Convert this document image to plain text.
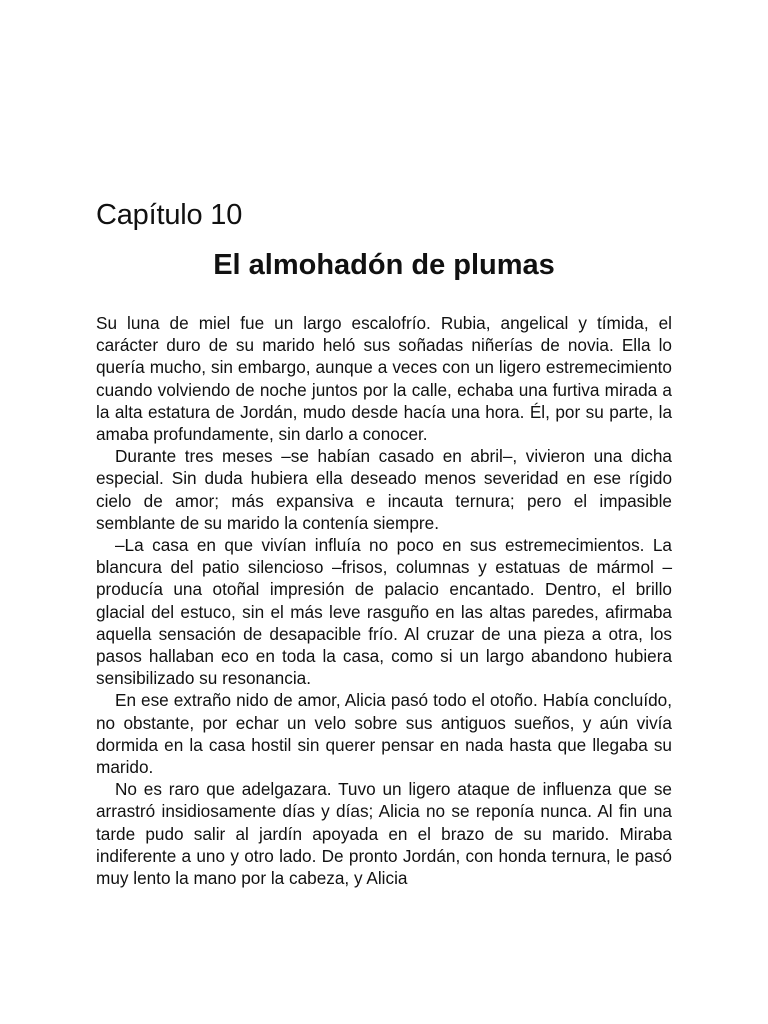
Capítulo 10
El almohadón de plumas

Su luna de miel fue un largo escalofrío. Rubia, angelical y tímida, el carácter duro de su marido heló sus soñadas niñerías de novia. Ella lo quería mucho, sin embargo, aunque a veces con un ligero estremecimiento cuando volviendo de noche juntos por la calle, echaba una furtiva mirada a la alta estatura de Jordán, mudo desde hacía una hora. Él, por su parte, la amaba profundamente, sin darlo a conocer.

Durante tres meses –se habían casado en abril–, vivieron una dicha especial. Sin duda hubiera ella deseado menos severidad en ese rígido cielo de amor; más expansiva e incauta ternura; pero el impasible semblante de su marido la contenía siempre.

–La casa en que vivían influía no poco en sus estremecimientos. La blancura del patio silencioso –frisos, columnas y estatuas de mármol –producía una otoñal impresión de palacio encantado. Dentro, el brillo glacial del estuco, sin el más leve rasguño en las altas paredes, afirmaba aquella sensación de desapacible frío. Al cruzar de una pieza a otra, los pasos hallaban eco en toda la casa, como si un largo abandono hubiera sensibilizado su resonancia.

En ese extraño nido de amor, Alicia pasó todo el otoño. Había concluído, no obstante, por echar un velo sobre sus antiguos sueños, y aún vivía dormida en la casa hostil sin querer pensar en nada hasta que llegaba su marido.

No es raro que adelgazara. Tuvo un ligero ataque de influenza que se arrastró insidiosamente días y días; Alicia no se reponía nunca. Al fin una tarde pudo salir al jardín apoyada en el brazo de su marido. Miraba indiferente a uno y otro lado. De pronto Jordán, con honda ternura, le pasó muy lento la mano por la cabeza, y Alicia
